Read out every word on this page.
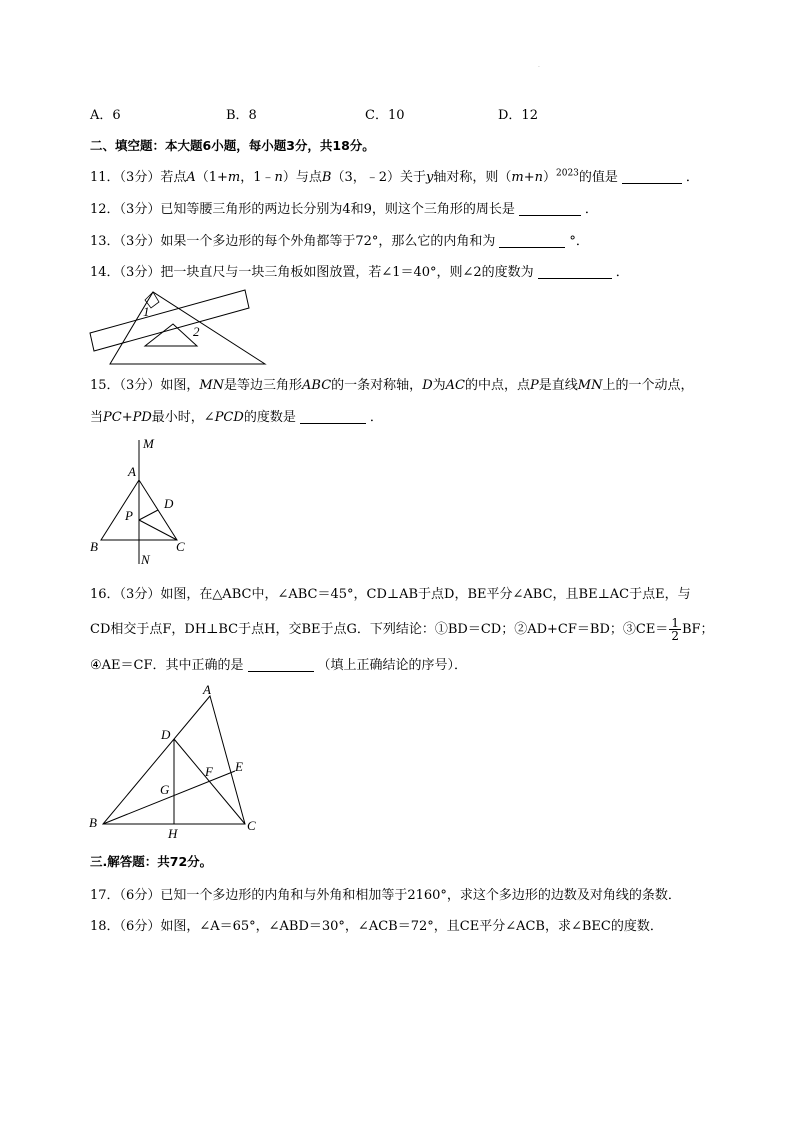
·
A．6	B．8	C．10	D．12
二、填空题：本大题6小题，每小题3分，共18分。
11．（3分）若点A（1+m，1﹣n）与点B（3，﹣2）关于y轴对称，则$(m+n)^{2023}$的值是	．
12．（3分）已知等腰三角形的两边长分别为4和9，则这个三角形的周长是	．
13．（3分）如果一个多边形的每个外角都等于72°，那么它的内角和为	°．
14．（3分）把一块直尺与一块三角板如图放置，若∠1＝40°，则∠2的度数为	．
1
2
15．（3分）如图，MN是等边三角形ABC的一条对称轴，D为AC的中点，点P是直线MN上的一个动点，
当PC+PD最小时，∠PCD的度数是	．
M
A
D
P
B	C
N
16．（3分）如图，在△ABC中，∠ABC＝45°，CD⊥AB于点D，BE平分∠ABC，且BE⊥AC于点E，与
CD相交于点F，DH⊥BC于点H，交BE于点G．下列结论：①BD＝CD；②AD+CF＝BD；③CE＝ $\frac{1}{2}$ BF；
④AE＝CF．其中正确的是	（填上正确结论的序号）．
A
D
E
F
G
B
H
C
三.解答题：共72分。
17．（6分）已知一个多边形的内角和与外角和相加等于2160°，求这个多边形的边数及对角线的条数．
18．（6分）如图，∠A＝65°，∠ABD＝30°，∠ACB＝72°，且CE平分∠ACB，求∠BEC的度数．
